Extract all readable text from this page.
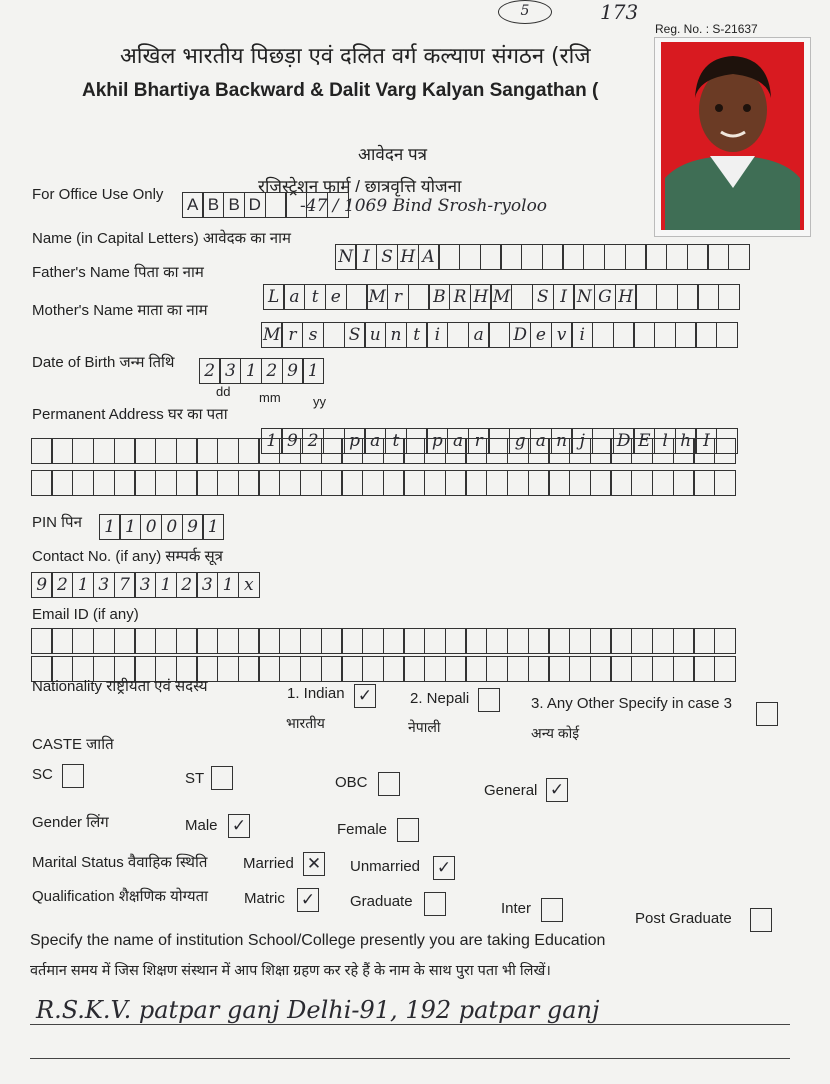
5	173
Reg. No. : S-21637
अखिल भारतीय पिछड़ा एवं दलित वर्ग कल्याण संगठन (रजि
Akhil Bhartiya Backward & Dalit Varg Kalyan Sangathan (
आवेदन पत्र
रजिस्ट्रेशन फार्म / छात्रवृत्ति योजना
For Office Use Only
A B B D -47 / 1069 Bind Srosh-ryoloo
Name (in Capital Letters) आवेदक का नाम
N I S H A
Father's Name पिता का नाम
L a t e	M r	B R H M	S I N G H
Mother's Name माता का नाम
M r s	S u n t i	a	D e v i
Date of Birth जन्म तिथि	2 3 1 2 9 1
dd mm yy
Permanent Address घर का पता
1 9 2	p a t	p a r	g a n j	D E l h I
PIN पिन	1 1 0 0 9 1
Contact No. (if any) सम्पर्क सूत्र
9 2 1 3 7 3 1 2 3 1 x
Email ID (if any)
Nationality राष्ट्रीयता एवं सदस्य	1. Indian ✓
भारतीय
2. Nepali
नेपाली
3. Any Other Specify in case 3
अन्य कोई
CASTE जाति
SC	ST	OBC	General ✓
Gender लिंग	Male ✓	Female
Marital Status वैवाहिक स्थिति Married ✕ Unmarried ✓
Qualification शैक्षणिक योग्यता Matric ✓ Graduate	Inter
Post Graduate
Specify the name of institution School/College presently you are taking Education
वर्तमान समय में जिस शिक्षण संस्थान में आप शिक्षा ग्रहण कर रहे हैं के नाम के साथ पुरा पता भी लिखें।
R.S.K.V. patpar ganj Delhi-91, 192 patpar ganj
